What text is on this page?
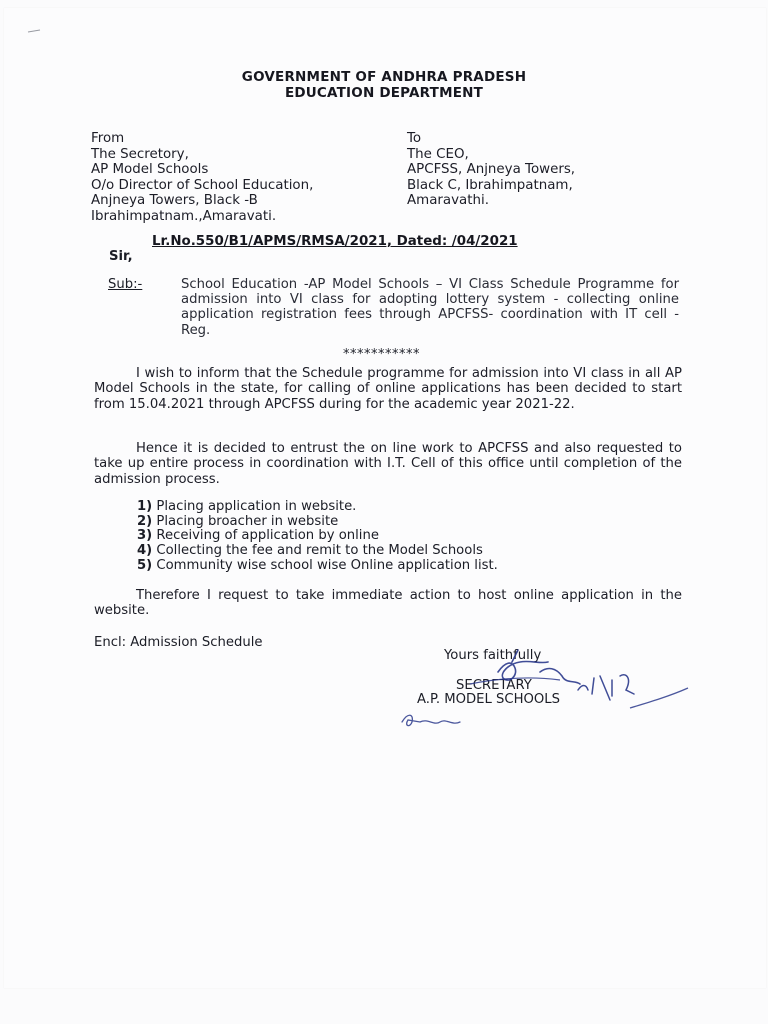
GOVERNMENT OF ANDHRA PRADESH
EDUCATION DEPARTMENT
From
The Secretory,
AP Model Schools
O/o Director of School Education,
Anjneya Towers, Black -B
Ibrahimpatnam.,Amaravati.
To
The CEO,
APCFSS, Anjneya Towers,
Black C, Ibrahimpatnam,
Amaravathi.
Lr.No.550/B1/APMS/RMSA/2021, Dated: /04/2021
Sir,
Sub:-	School Education -AP Model Schools – VI Class Schedule Programme for admission into VI class for adopting lottery system - collecting online application registration fees through APCFSS- coordination with IT cell -Reg.
***********
I wish to inform that the Schedule programme for admission into VI class in all AP Model Schools in the state, for calling of online applications has been decided to start from 15.04.2021 through APCFSS during for the academic year 2021-22.
Hence it is decided to entrust the on line work to APCFSS and also requested to take up entire process in coordination with I.T. Cell of this office until completion of the admission process.
1) Placing application in website.
2) Placing broacher in website
3) Receiving of application by online
4) Collecting the fee and remit to the Model Schools
5) Community wise school wise Online application list.
Therefore I request to take immediate action to host online application in the website.
Encl: Admission Schedule
Yours faithfully
SECRETARY
A.P. MODEL SCHOOLS
